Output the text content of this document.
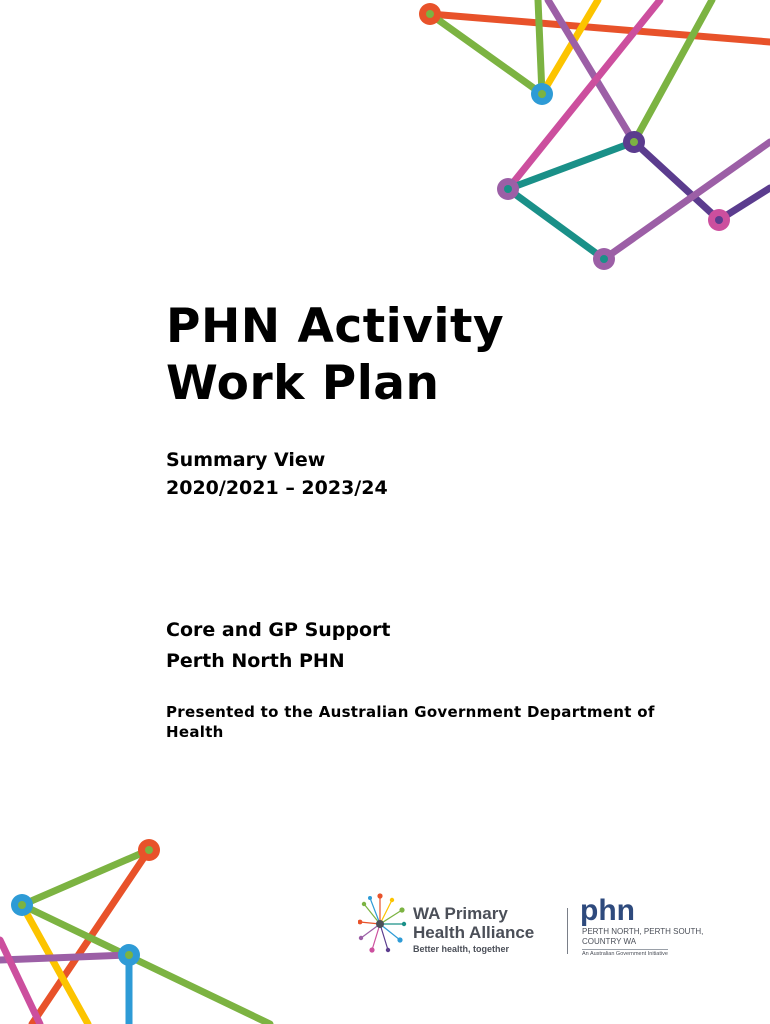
PHN Activity
Work Plan
Summary View
2020/2021 – 2023/24
Core and GP Support
Perth North PHN
Presented to the Australian Government Department of Health
WA Primary
Health Alliance
Better health, together
phn
PERTH NORTH, PERTH SOUTH,
COUNTRY WA
An Australian Government Initiative
